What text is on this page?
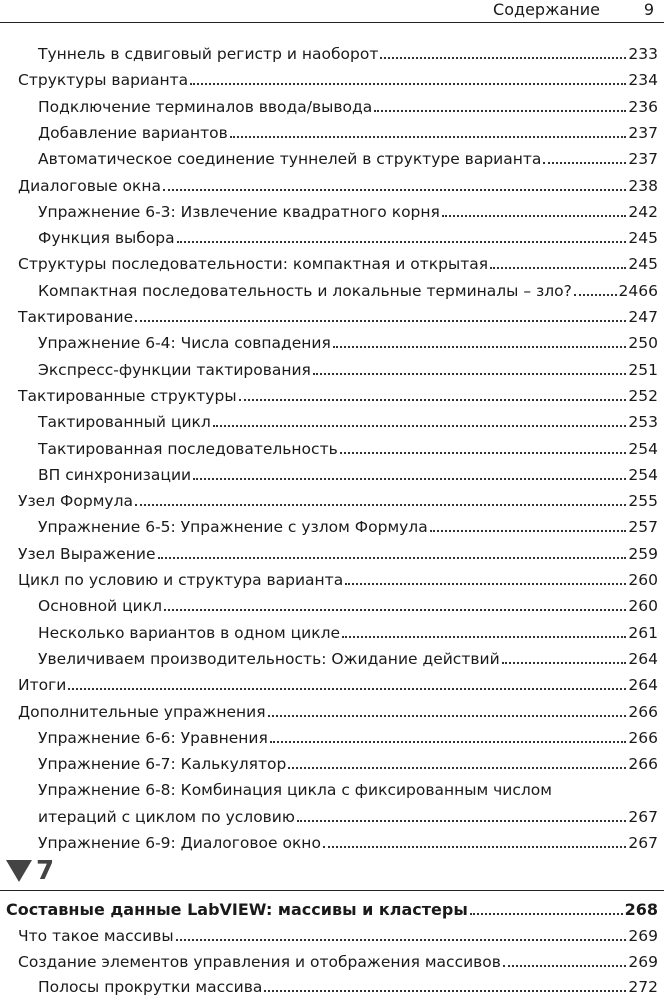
Содержание	9
7
Туннель в сдвиговый регистр и наоборот	233
Структуры варианта	234
Подключение терминалов ввода/вывода	236
Добавление вариантов	237
Автоматическое соединение туннелей в структуре варианта	237
Диалоговые окна	238
Упражнение 6-3: Извлечение квадратного корня	242
Функция выбора	245
Структуры последовательности: компактная и открытая	245
Компактная последовательность и локальные терминалы – зло?	2466
Тактирование	247
Упражнение 6-4: Числа совпадения	250
Экспресс-функции тактирования	251
Тактированные структуры	252
Тактированный цикл	253
Тактированная последовательность	254
ВП синхронизации	254
Узел Формула	255
Упражнение 6-5: Упражнение с узлом Формула	257
Узел Выражение	259
Цикл по условию и структура варианта	260
Основной цикл	260
Несколько вариантов в одном цикле	261
Увеличиваем производительность: Ожидание действий	264
Итоги	264
Дополнительные упражнения	266
Упражнение 6-6: Уравнения	266
Упражнение 6-7: Калькулятор	266
Упражнение 6-8: Комбинация цикла с фиксированным числом
итераций с циклом по условию	267
Упражнение 6-9: Диалоговое окно	267
Составные данные LabVIEW: массивы и кластеры	268
Что такое массивы	269
Создание элементов управления и отображения массивов	269
Полосы прокрутки массива	272
